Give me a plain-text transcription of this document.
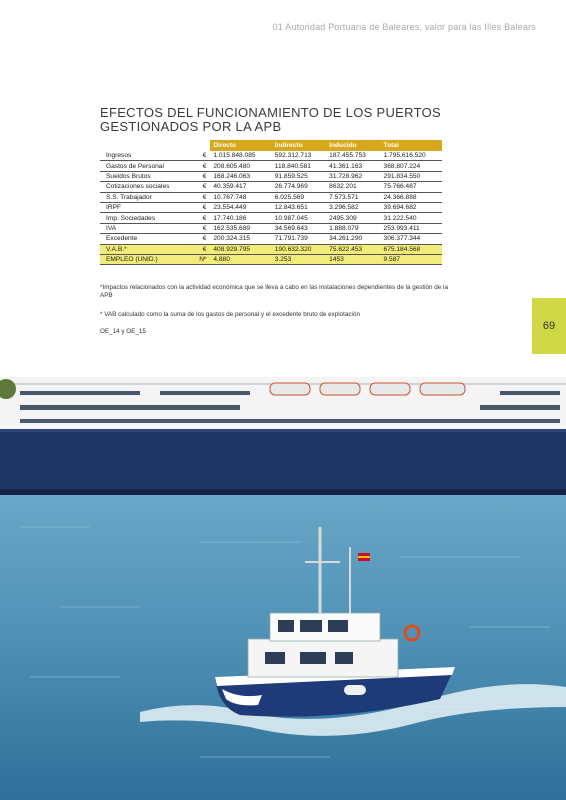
01 Autoridad Portuaria de Baleares, valor para las Illes Balears
EFECTOS DEL FUNCIONAMIENTO DE LOS PUERTOS GESTIONADOS POR LA APB
		Directo	Indirecto	Inducido	Total
Ingresos	€	1.015.848.085	592.312.713	187.455.753	1.795.616.520
Gastos de Personal	€	208.605.480	118.840.581	41.361.163	368.807.224
Sueldos Brutos	€	168.246.063	91.859.525	31.728.962	291.834.550
Cotizaciones sociales	€	40.359.417	26.774.969	8632.201	75.766.487
S.S. Trabajador	€	10.767.748	6.025.569	7.573.571	24.366.888
IRPF	€	23.554.449	12.843.651	3.296.582	39.694.682
Imp. Sociedades	€	17.740.186	10.987.045	2495.309	31.222.540
IVA	€	162.535.689	34.569.643	1.888.079	253.993.411
Excedente	€	200.324.315	71.791.739	34.261.290	306.377.344
V.A.B.*	€	408.929.795	190.632.320	75.622.453	675.184.568
EMPLEO (UNID.)	Nº	4.880	3.253	1453	9.587
*Impactos relacionados con la actividad económica que se lleva a cabo en las instalaciones dependientes de la gestión de la APB
* VAB calculado como la suma de los gastos de personal y el excedente bruto de explotación
OE_14 y OE_15	69
